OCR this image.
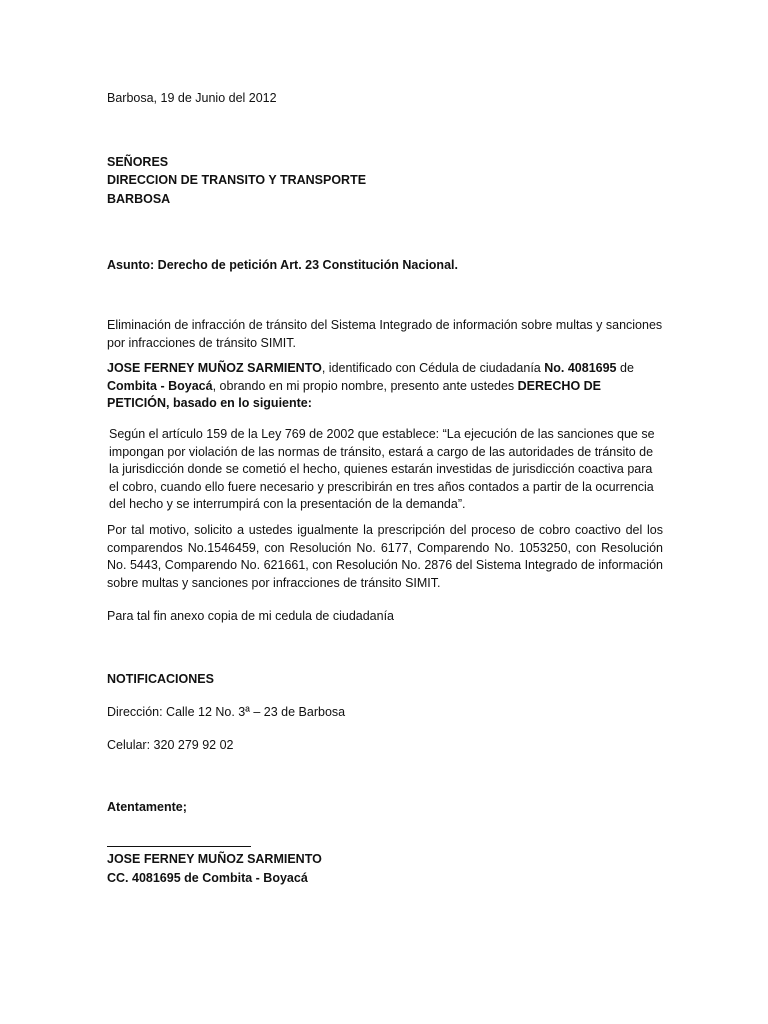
Barbosa, 19 de Junio del 2012
SEÑORES
DIRECCION DE TRANSITO Y TRANSPORTE
BARBOSA
Asunto: Derecho de petición Art. 23 Constitución Nacional.
Eliminación de infracción de tránsito del Sistema Integrado de información sobre multas y sanciones por infracciones de tránsito SIMIT.
JOSE FERNEY MUÑOZ SARMIENTO, identificado con Cédula de ciudadanía No. 4081695 de Combita - Boyacá, obrando en mi propio nombre, presento ante ustedes DERECHO DE PETICIÓN, basado en lo siguiente:
Según el artículo 159 de la Ley 769 de 2002 que establece: “La ejecución de las sanciones que se impongan por violación de las normas de tránsito, estará a cargo de las autoridades de tránsito de la jurisdicción donde se cometió el hecho, quienes estarán investidas de jurisdicción coactiva para el cobro, cuando ello fuere necesario y prescribirán en tres años contados a partir de la ocurrencia del hecho y se interrumpirá con la presentación de la demanda”.
Por tal motivo, solicito a ustedes igualmente la prescripción del proceso de cobro coactivo del los comparendos No.1546459, con Resolución No. 6177, Comparendo No. 1053250, con Resolución No. 5443, Comparendo No. 621661, con Resolución No. 2876 del Sistema Integrado de información sobre multas y sanciones por infracciones de tránsito SIMIT.
Para tal fin anexo copia de mi cedula de ciudadanía
NOTIFICACIONES
Dirección: Calle 12 No. 3ª – 23 de Barbosa
Celular: 320 279 92 02
Atentamente;
JOSE FERNEY MUÑOZ SARMIENTO
CC. 4081695 de Combita - Boyacá
